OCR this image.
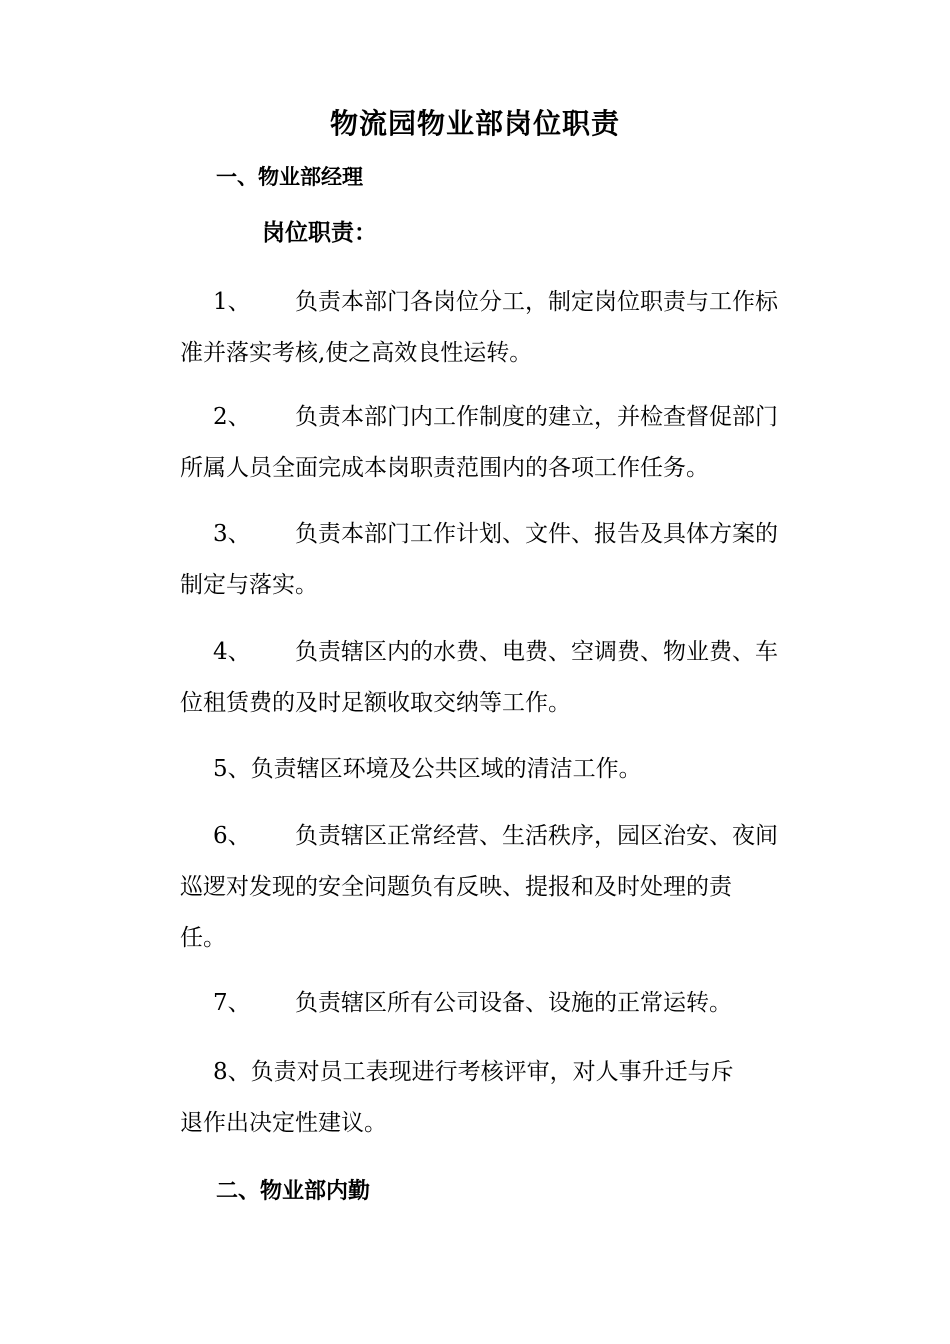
物流园物业部岗位职责
一、物业部经理
岗位职责：
1、 负责本部门各岗位分工，制定岗位职责与工作标
准并落实考核,使之高效良性运转。
2、 负责本部门内工作制度的建立，并检查督促部门
所属人员全面完成本岗职责范围内的各项工作任务。
3、 负责本部门工作计划、文件、报告及具体方案的
制定与落实。
4、 负责辖区内的水费、电费、空调费、物业费、车
位租赁费的及时足额收取交纳等工作。
5、负责辖区环境及公共区域的清洁工作。
6、 负责辖区正常经营、生活秩序，园区治安、夜间
巡逻对发现的安全问题负有反映、提报和及时处理的责
任。
7、 负责辖区所有公司设备、设施的正常运转。
8、负责对员工表现进行考核评审，对人事升迁与斥
退作出决定性建议。
二、物业部内勤
